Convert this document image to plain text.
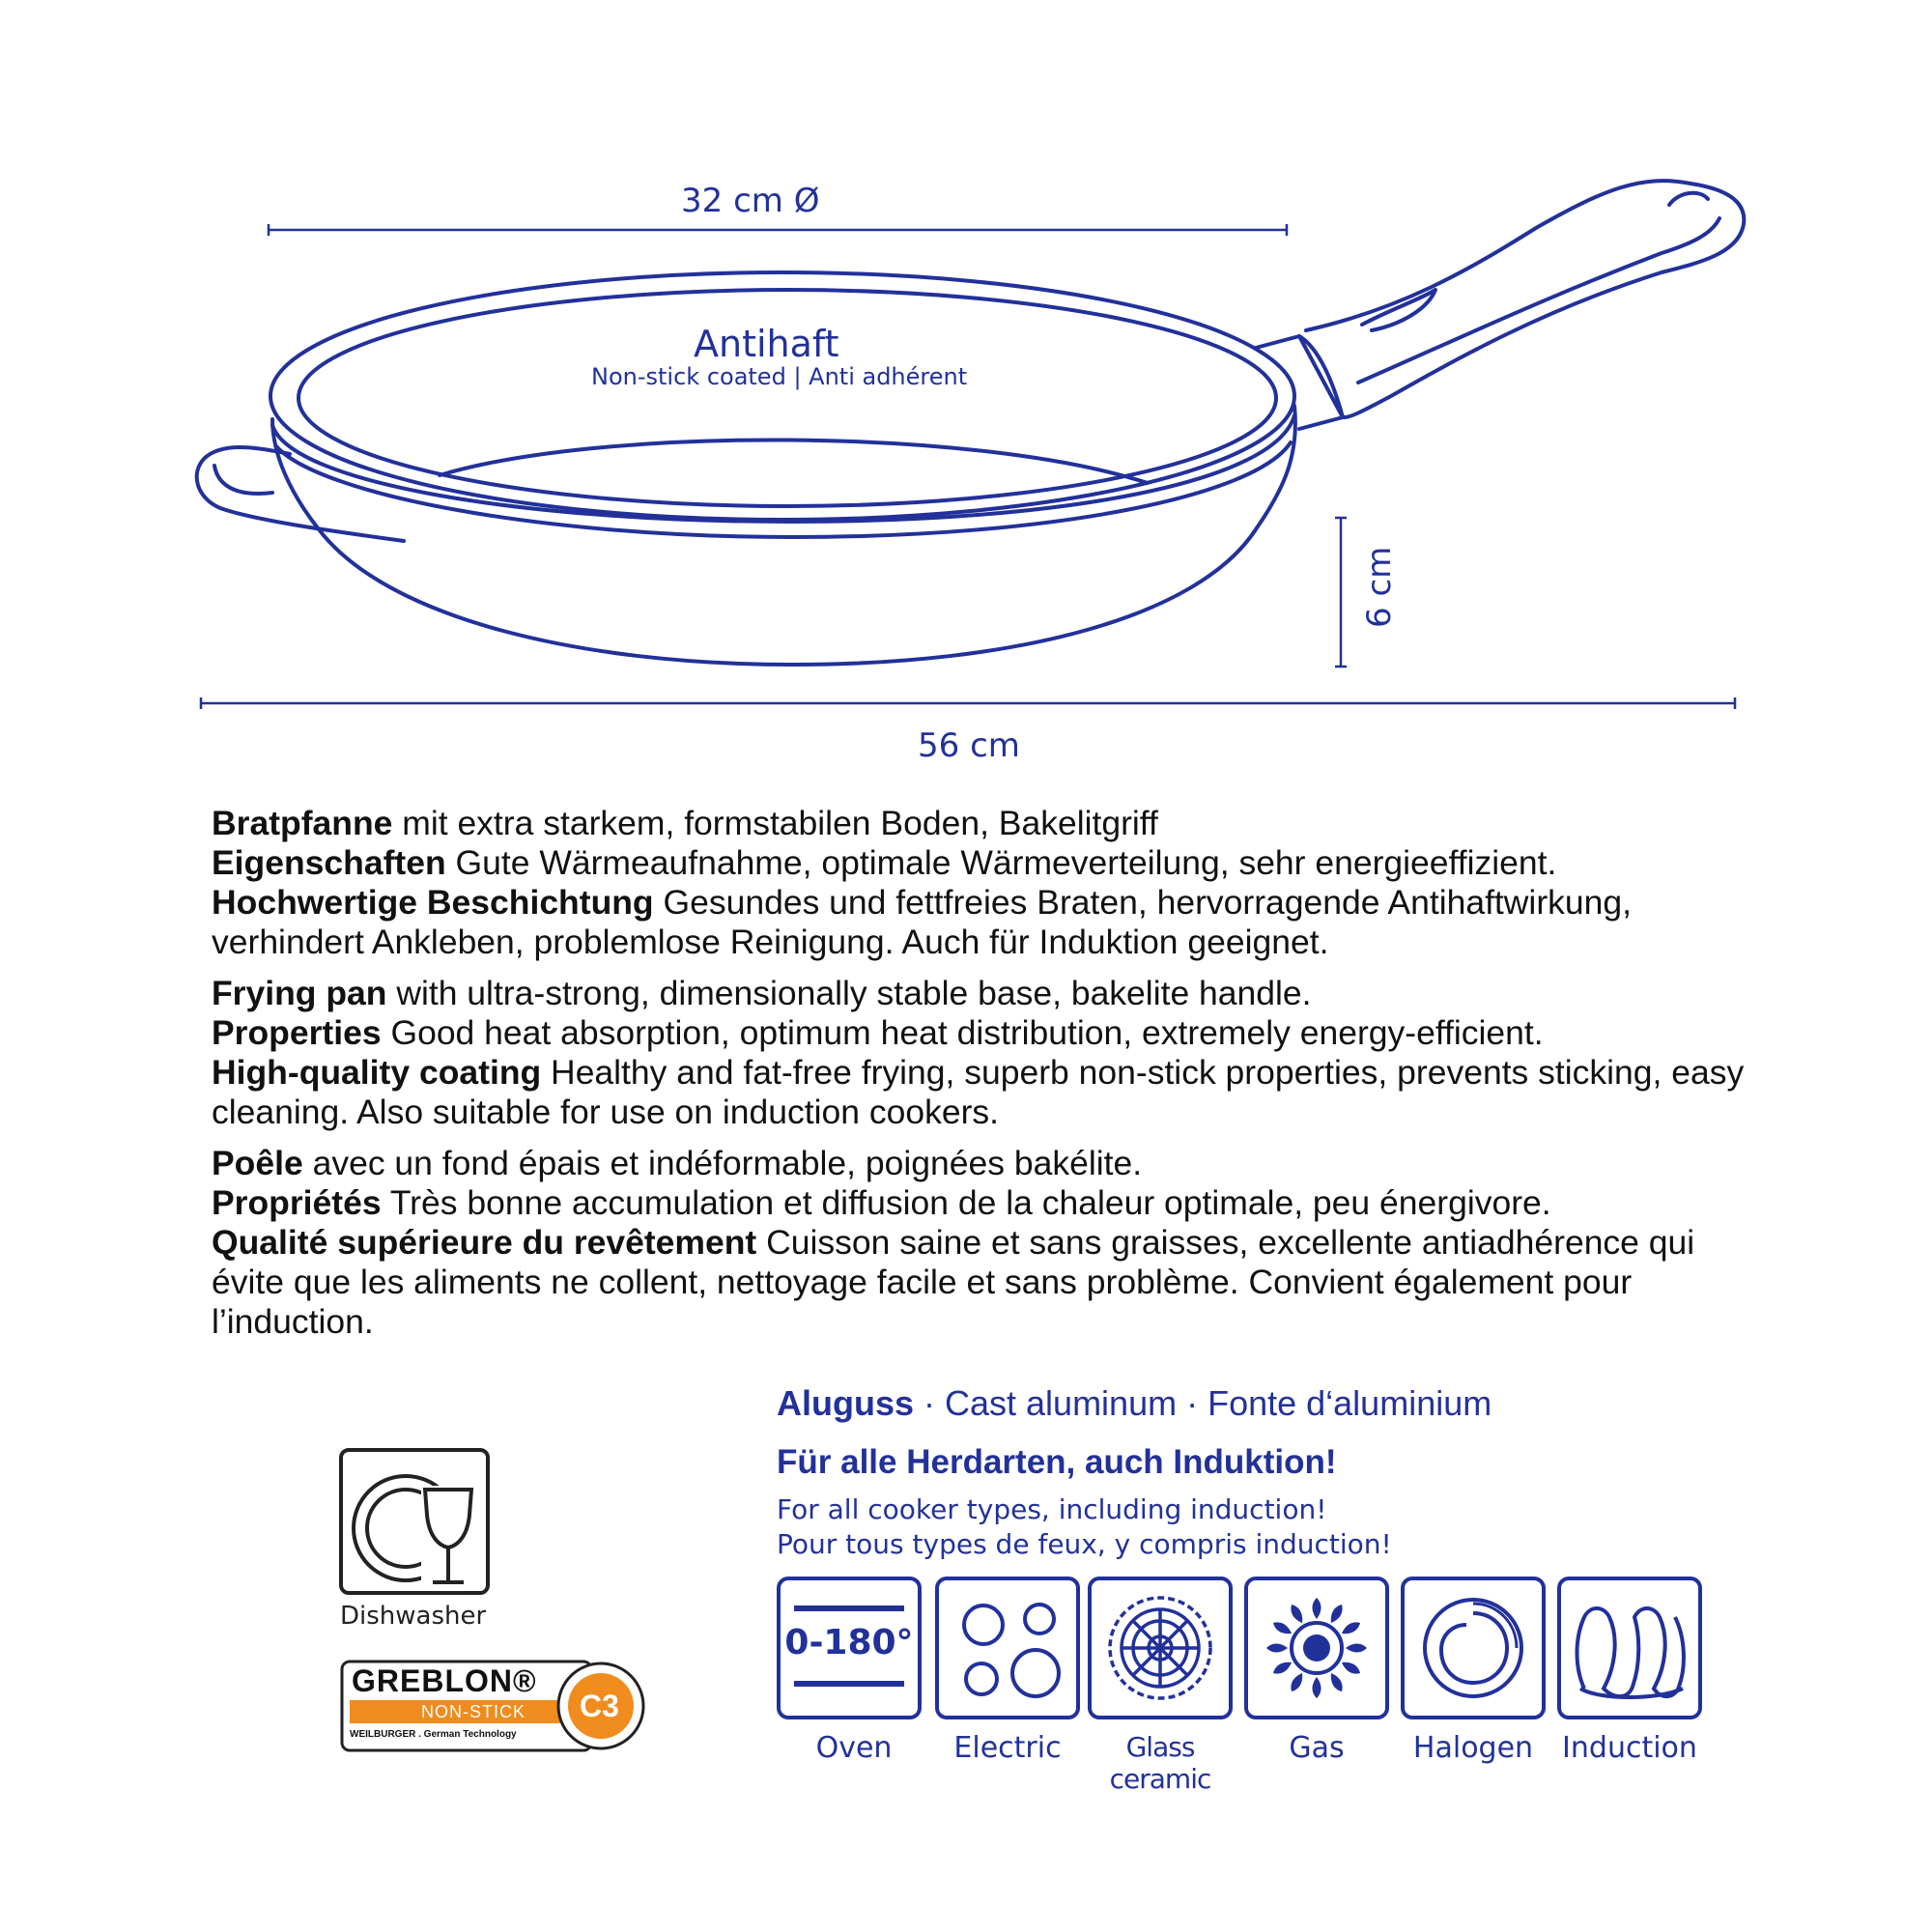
32 cm Ø
6 cm
56 cm
Antihaft
Non-stick coated | Anti adhérent

Bratpfanne mit extra starkem, formstabilen Boden, Bakelitgriff
Eigenschaften Gute Wärmeaufnahme, optimale Wärmeverteilung, sehr energieeffizient.
Hochwertige Beschichtung Gesundes und fettfreies Braten, hervorragende Antihaftwirkung, verhindert Ankleben, problemlose Reinigung. Auch für Induktion geeignet.

Frying pan with ultra-strong, dimensionally stable base, bakelite handle.
Properties Good heat absorption, optimum heat distribution, extremely energy-efficient.
High-quality coating Healthy and fat-free frying, superb non-stick properties, prevents sticking, easy cleaning. Also suitable for use on induction cookers.

Poêle avec un fond épais et indéformable, poignées bakélite.
Propriétés Très bonne accumulation et diffusion de la chaleur optimale, peu énergivore.
Qualité supérieure du revêtement Cuisson saine et sans graisses, excellente antiadhérence qui évite que les aliments ne collent, nettoyage facile et sans problème. Convient également pour l’induction.

Aluguss · Cast aluminum · Fonte d‘aluminium
Für alle Herdarten, auch Induktion!
For all cooker types, including induction!
Pour tous types de feux, y compris induction!
Dishwasher
GREBLON®
NON-STICK C3
WEILBURGER . German Technology
0-180°
Oven	Electric	Glass ceramic
Gas	Halogen Induction
